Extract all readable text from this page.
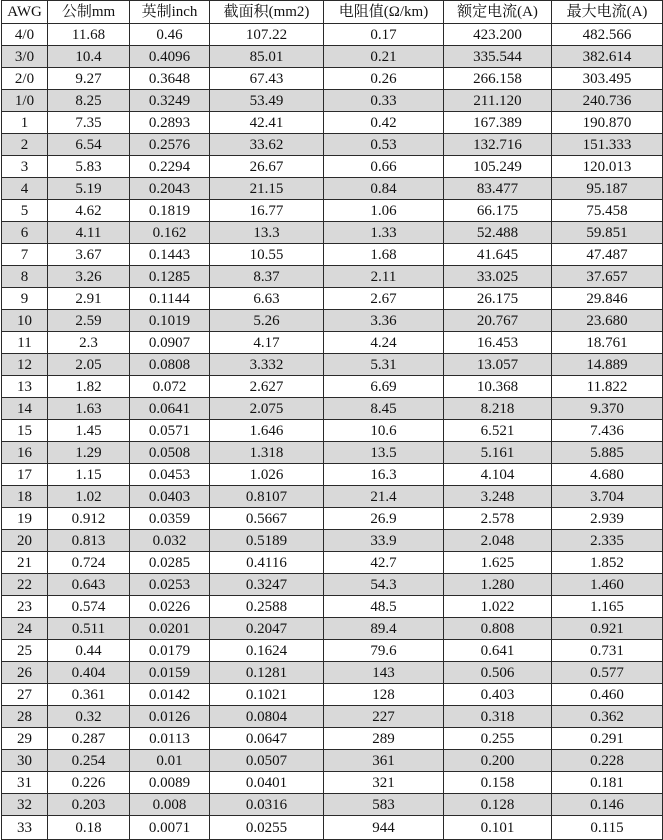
AWG	公制mm	英制inch	截面积(mm2)	电阻值(Ω/km)	额定电流(A)	最大电流(A)
4/0	11.68	0.46	107.22	0.17	423.200	482.566
3/0	10.4	0.4096	85.01	0.21	335.544	382.614
2/0	9.27	0.3648	67.43	0.26	266.158	303.495
1/0	8.25	0.3249	53.49	0.33	211.120	240.736
1	7.35	0.2893	42.41	0.42	167.389	190.870
2	6.54	0.2576	33.62	0.53	132.716	151.333
3	5.83	0.2294	26.67	0.66	105.249	120.013
4	5.19	0.2043	21.15	0.84	83.477	95.187
5	4.62	0.1819	16.77	1.06	66.175	75.458
6	4.11	0.162	13.3	1.33	52.488	59.851
7	3.67	0.1443	10.55	1.68	41.645	47.487
8	3.26	0.1285	8.37	2.11	33.025	37.657
9	2.91	0.1144	6.63	2.67	26.175	29.846
10	2.59	0.1019	5.26	3.36	20.767	23.680
11	2.3	0.0907	4.17	4.24	16.453	18.761
12	2.05	0.0808	3.332	5.31	13.057	14.889
13	1.82	0.072	2.627	6.69	10.368	11.822
14	1.63	0.0641	2.075	8.45	8.218	9.370
15	1.45	0.0571	1.646	10.6	6.521	7.436
16	1.29	0.0508	1.318	13.5	5.161	5.885
17	1.15	0.0453	1.026	16.3	4.104	4.680
18	1.02	0.0403	0.8107	21.4	3.248	3.704
19	0.912	0.0359	0.5667	26.9	2.578	2.939
20	0.813	0.032	0.5189	33.9	2.048	2.335
21	0.724	0.0285	0.4116	42.7	1.625	1.852
22	0.643	0.0253	0.3247	54.3	1.280	1.460
23	0.574	0.0226	0.2588	48.5	1.022	1.165
24	0.511	0.0201	0.2047	89.4	0.808	0.921
25	0.44	0.0179	0.1624	79.6	0.641	0.731
26	0.404	0.0159	0.1281	143	0.506	0.577
27	0.361	0.0142	0.1021	128	0.403	0.460
28	0.32	0.0126	0.0804	227	0.318	0.362
29	0.287	0.0113	0.0647	289	0.255	0.291
30	0.254	0.01	0.0507	361	0.200	0.228
31	0.226	0.0089	0.0401	321	0.158	0.181
32	0.203	0.008	0.0316	583	0.128	0.146
33	0.18	0.0071	0.0255	944	0.101	0.115
